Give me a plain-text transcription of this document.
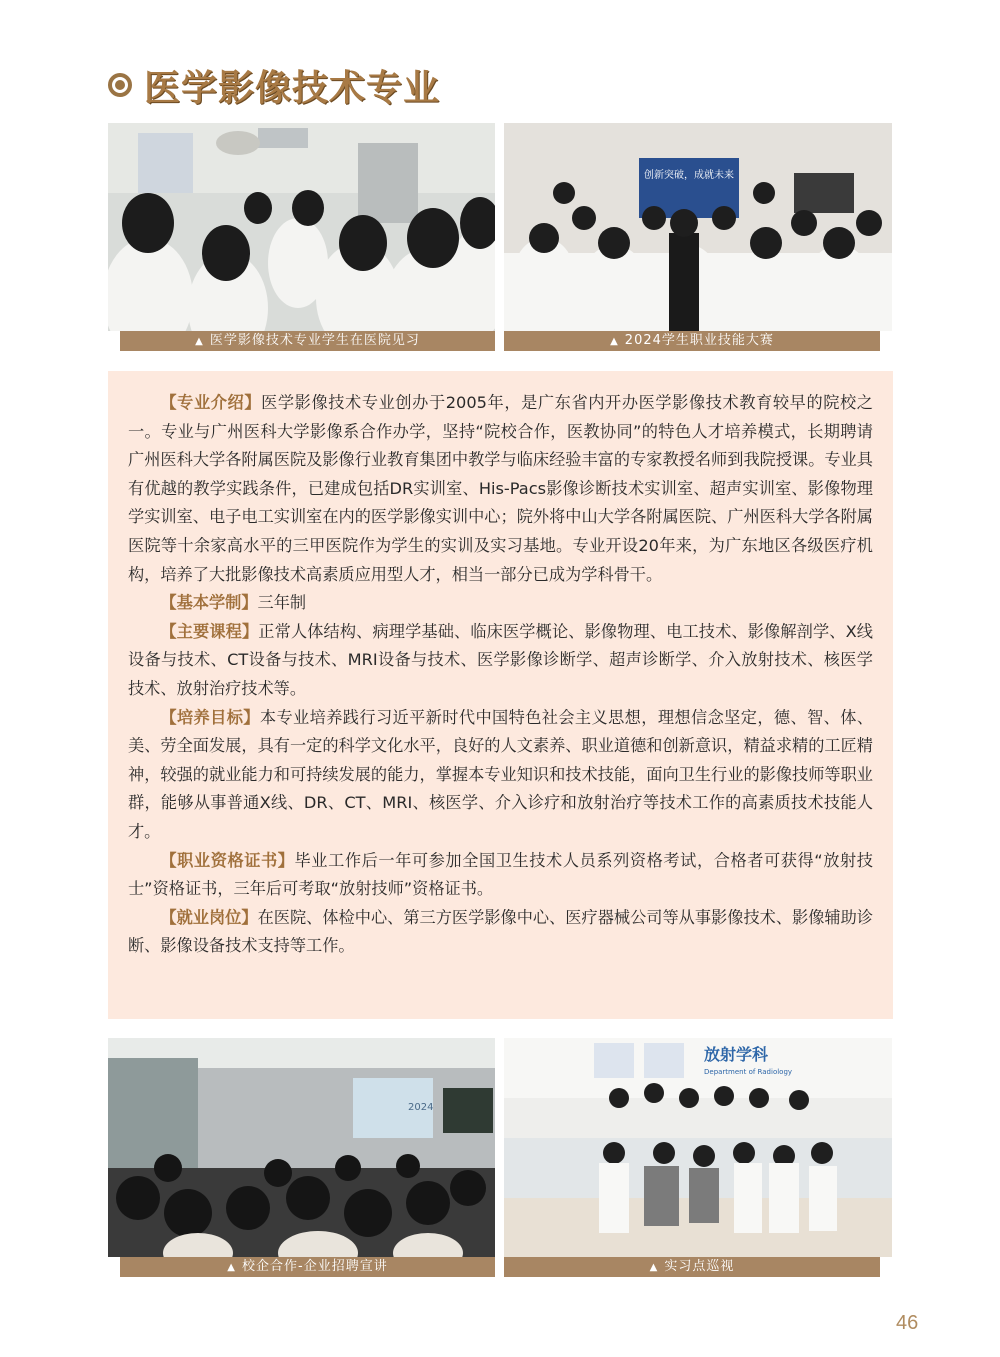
医学影像技术专业
▲ 医学影像技术专业学生在医院见习
创新突破，成就未来
▲ 2024学生职业技能大赛

【专业介绍】医学影像技术专业创办于2005年，是广东省内开办医学影像技术教育较早的院校之一。专业与广州医科大学影像系合作办学，坚持“院校合作，医教协同”的特色人才培养模式，长期聘请广州医科大学各附属医院及影像行业教育集团中教学与临床经验丰富的专家教授名师到我院授课。专业具有优越的教学实践条件，已建成包括DR实训室、His-Pacs影像诊断技术实训室、超声实训室、影像物理学实训室、电子电工实训室在内的医学影像实训中心；院外将中山大学各附属医院、广州医科大学各附属医院等十余家高水平的三甲医院作为学生的实训及实习基地。专业开设20年来，为广东地区各级医疗机构，培养了大批影像技术高素质应用型人才，相当一部分已成为学科骨干。

【基本学制】三年制

【主要课程】正常人体结构、病理学基础、临床医学概论、影像物理、电工技术、影像解剖学、X线设备与技术、CT设备与技术、MRI设备与技术、医学影像诊断学、超声诊断学、介入放射技术、核医学技术、放射治疗技术等。

【培养目标】本专业培养践行习近平新时代中国特色社会主义思想，理想信念坚定，德、智、体、美、劳全面发展，具有一定的科学文化水平，良好的人文素养、职业道德和创新意识，精益求精的工匠精神，较强的就业能力和可持续发展的能力，掌握本专业知识和技术技能，面向卫生行业的影像技师等职业群，能够从事普通X线、DR、CT、MRI、核医学、介入诊疗和放射治疗等技术工作的高素质技术技能人才。

【职业资格证书】毕业工作后一年可参加全国卫生技术人员系列资格考试，合格者可获得“放射技士”资格证书，三年后可考取“放射技师”资格证书。

【就业岗位】在医院、体检中心、第三方医学影像中心、医疗器械公司等从事影像技术、影像辅助诊断、影像设备技术支持等工作。

2024
▲ 校企合作-企业招聘宣讲
放射学科
Department of Radiology
▲ 实习点巡视
46
